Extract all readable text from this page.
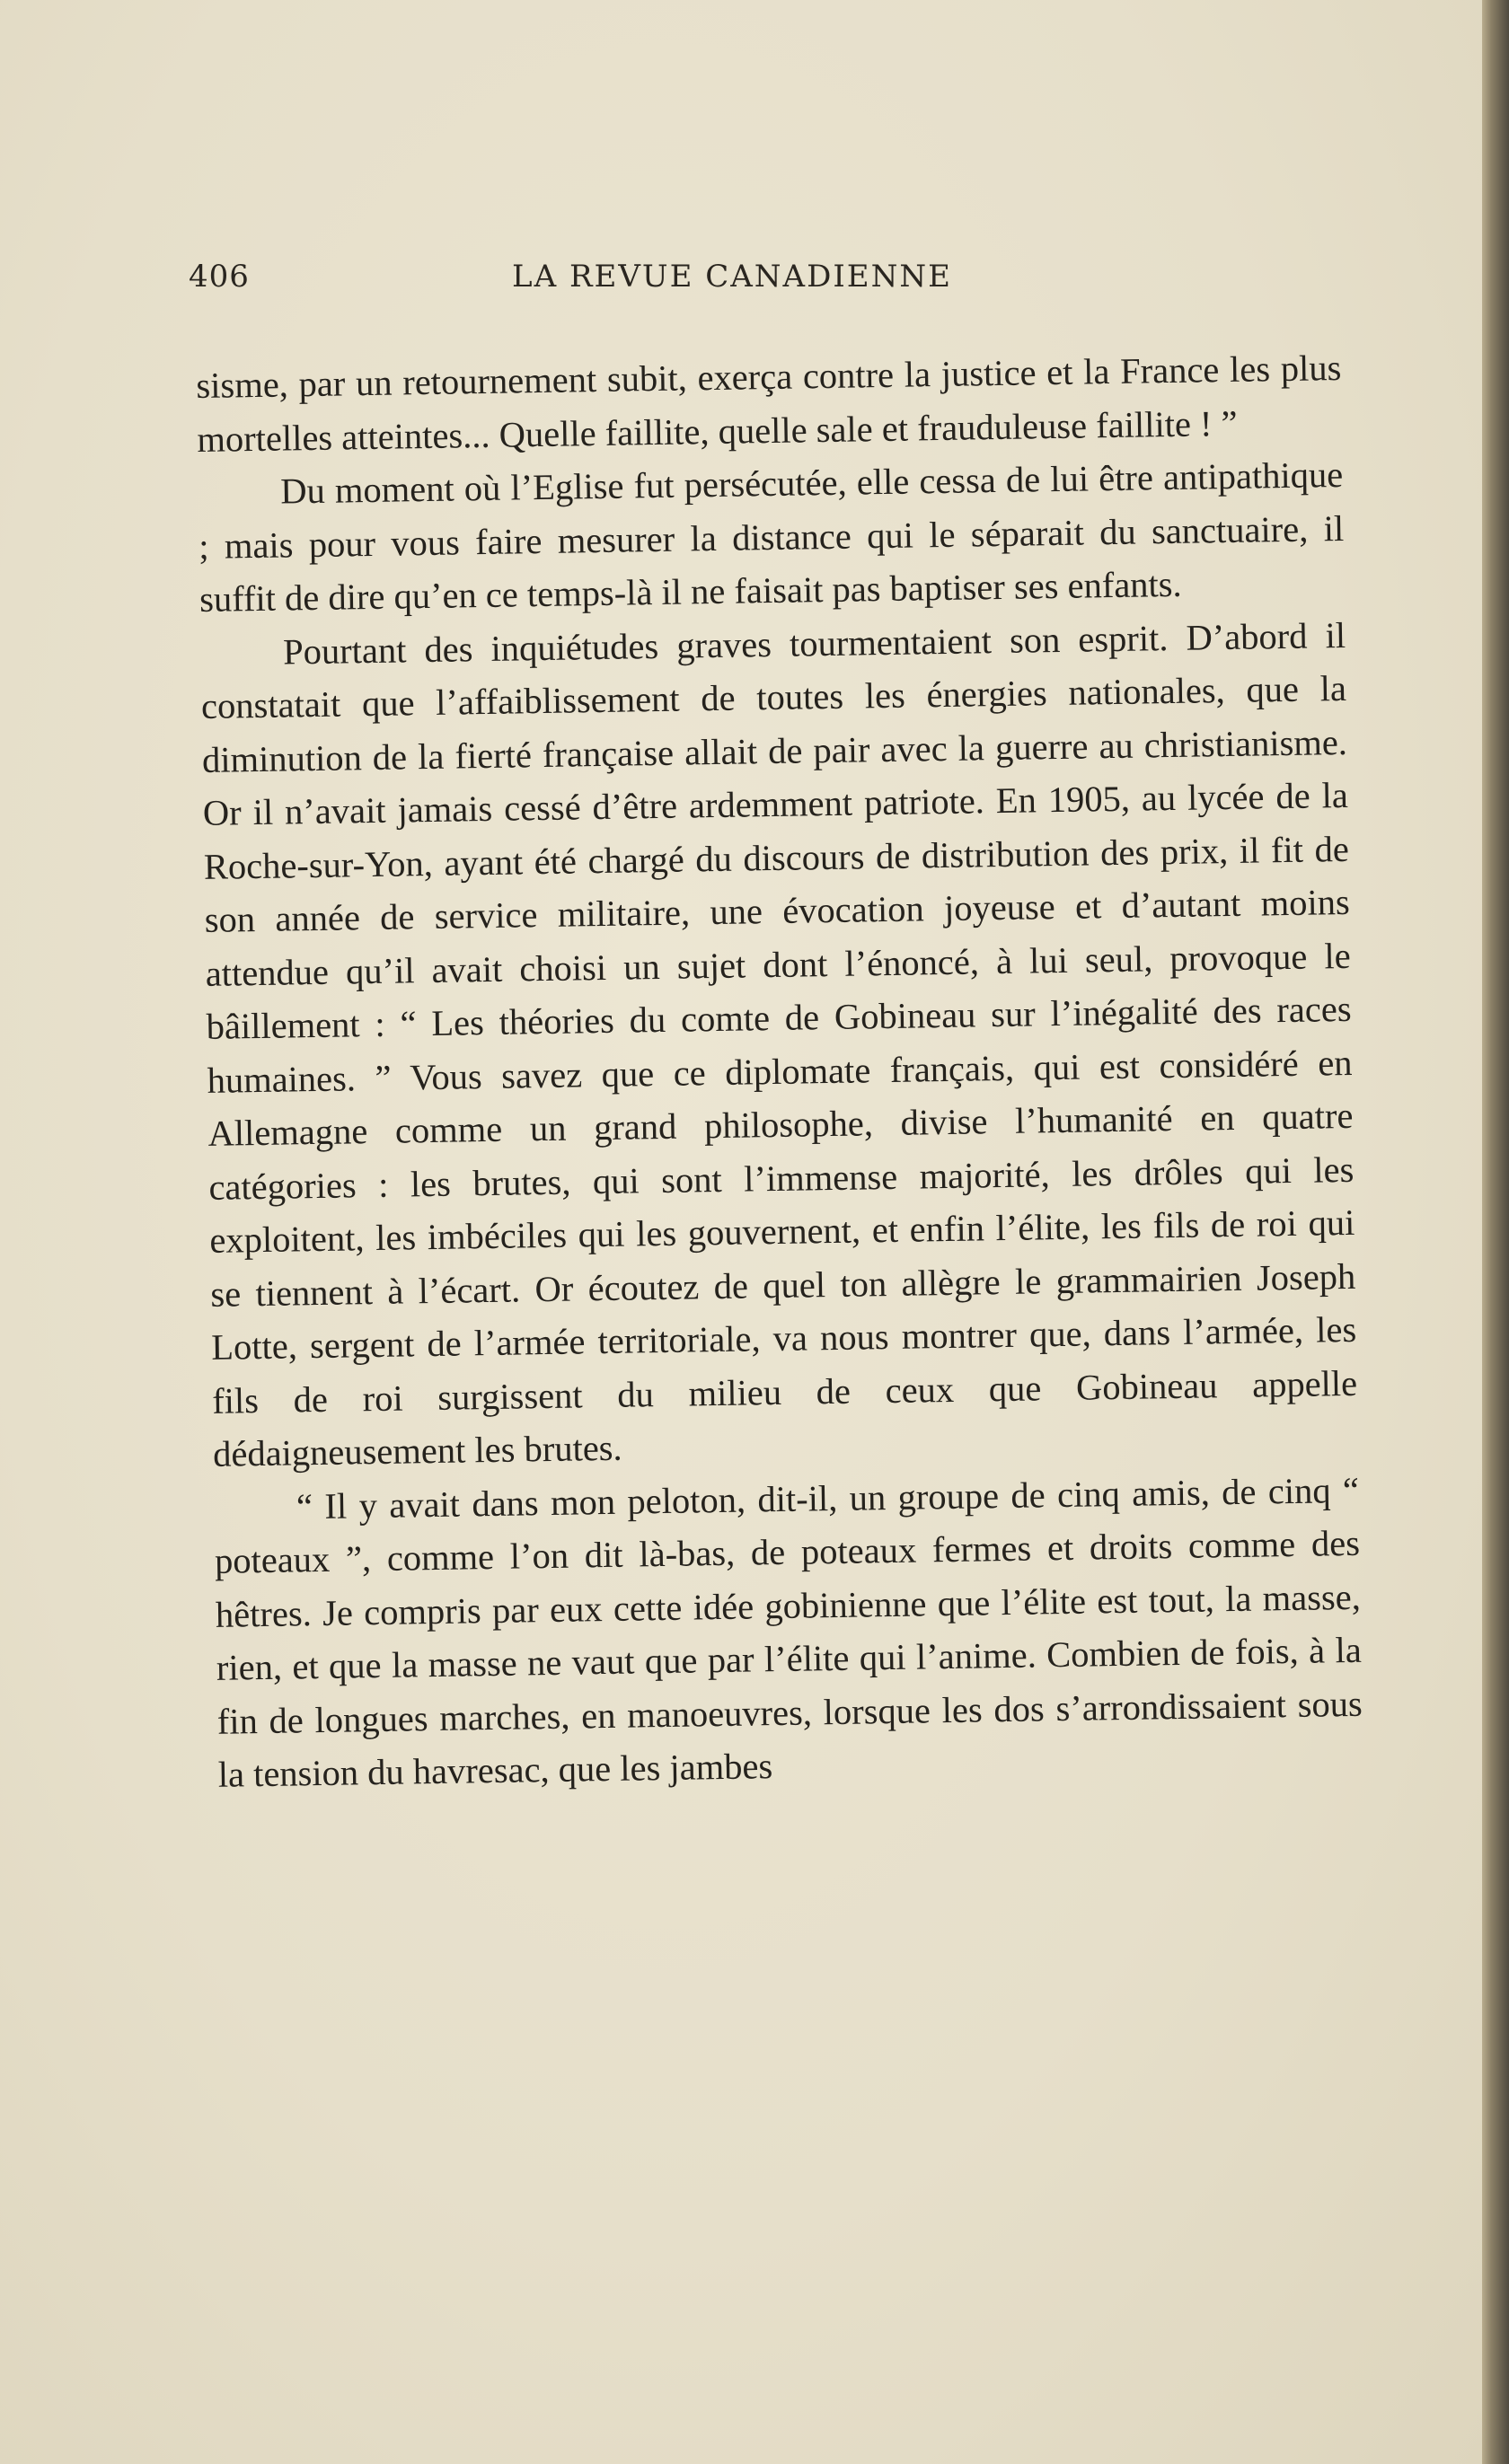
406	LA REVUE CANADIENNE

sisme, par un retournement subit, exerça contre la justice et la France les plus mortelles atteintes... Quelle faillite, quelle sale et frauduleuse faillite ! ”

Du moment où l’Eglise fut persécutée, elle cessa de lui être antipathique ; mais pour vous faire mesurer la distance qui le séparait du sanctuaire, il suffit de dire qu’en ce temps-là il ne faisait pas baptiser ses enfants.

Pourtant des inquiétudes graves tourmentaient son esprit. D’abord il constatait que l’affaiblissement de toutes les énergies nationales, que la diminution de la fierté française allait de pair avec la guerre au christianisme. Or il n’avait jamais cessé d’être ardemment patriote. En 1905, au lycée de la Roche-sur-Yon, ayant été chargé du discours de distribution des prix, il fit de son année de service militaire, une évocation joyeuse et d’autant moins attendue qu’il avait choisi un sujet dont l’énoncé, à lui seul, provoque le bâillement : “ Les théories du comte de Gobineau sur l’inégalité des races humaines. ” Vous savez que ce diplomate français, qui est considéré en Allemagne comme un grand philosophe, divise l’humanité en quatre catégories : les brutes, qui sont l’immense majorité, les drôles qui les exploitent, les imbéciles qui les gouvernent, et enfin l’élite, les fils de roi qui se tiennent à l’écart. Or écoutez de quel ton allègre le grammairien Joseph Lotte, sergent de l’armée territoriale, va nous montrer que, dans l’armée, les fils de roi surgissent du milieu de ceux que Gobineau appelle dédaigneusement les brutes.

“ Il y avait dans mon peloton, dit-il, un groupe de cinq amis, de cinq “ poteaux ”, comme l’on dit là-bas, de poteaux fermes et droits comme des hêtres. Je compris par eux cette idée gobinienne que l’élite est tout, la masse, rien, et que la masse ne vaut que par l’élite qui l’anime. Combien de fois, à la fin de longues marches, en manoeuvres, lorsque les dos s’arrondissaient sous la tension du havresac, que les jambes
